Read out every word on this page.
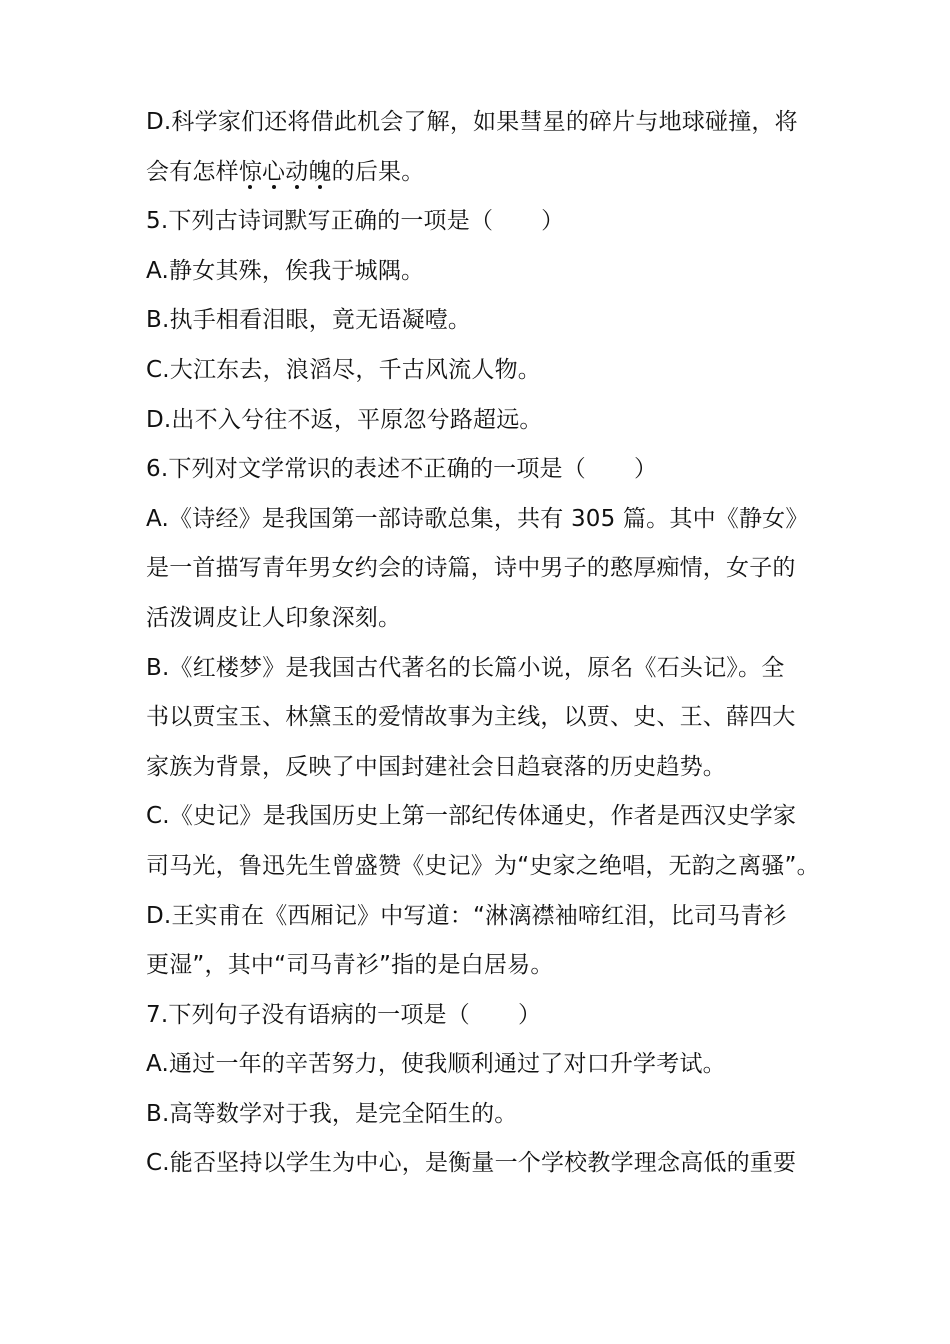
D.科学家们还将借此机会了解，如果彗星的碎片与地球碰撞，将
会有怎样惊心动魄的后果。
5.下列古诗词默写正确的一项是（ ）
A.静女其殊，俟我于城隅。
B.执手相看泪眼，竟无语凝噎。
C.大江东去，浪滔尽，千古风流人物。
D.出不入兮往不返，平原忽兮路超远。
6.下列对文学常识的表述不正确的一项是（ ）
A.《诗经》是我国第一部诗歌总集，共有 305 篇。其中《静女》
是一首描写青年男女约会的诗篇，诗中男子的憨厚痴情，女子的
活泼调皮让人印象深刻。
B.《红楼梦》是我国古代著名的长篇小说，原名《石头记》。全
书以贾宝玉、林黛玉的爱情故事为主线，以贾、史、王、薛四大
家族为背景，反映了中国封建社会日趋衰落的历史趋势。
C.《史记》是我国历史上第一部纪传体通史，作者是西汉史学家
司马光，鲁迅先生曾盛赞《史记》为“史家之绝唱，无韵之离骚”。
D.王实甫在《西厢记》中写道：“淋漓襟袖啼红泪，比司马青衫
更湿”，其中“司马青衫”指的是白居易。
7.下列句子没有语病的一项是（ ）
A.通过一年的辛苦努力，使我顺利通过了对口升学考试。
B.高等数学对于我，是完全陌生的。
C.能否坚持以学生为中心，是衡量一个学校教学理念高低的重要
